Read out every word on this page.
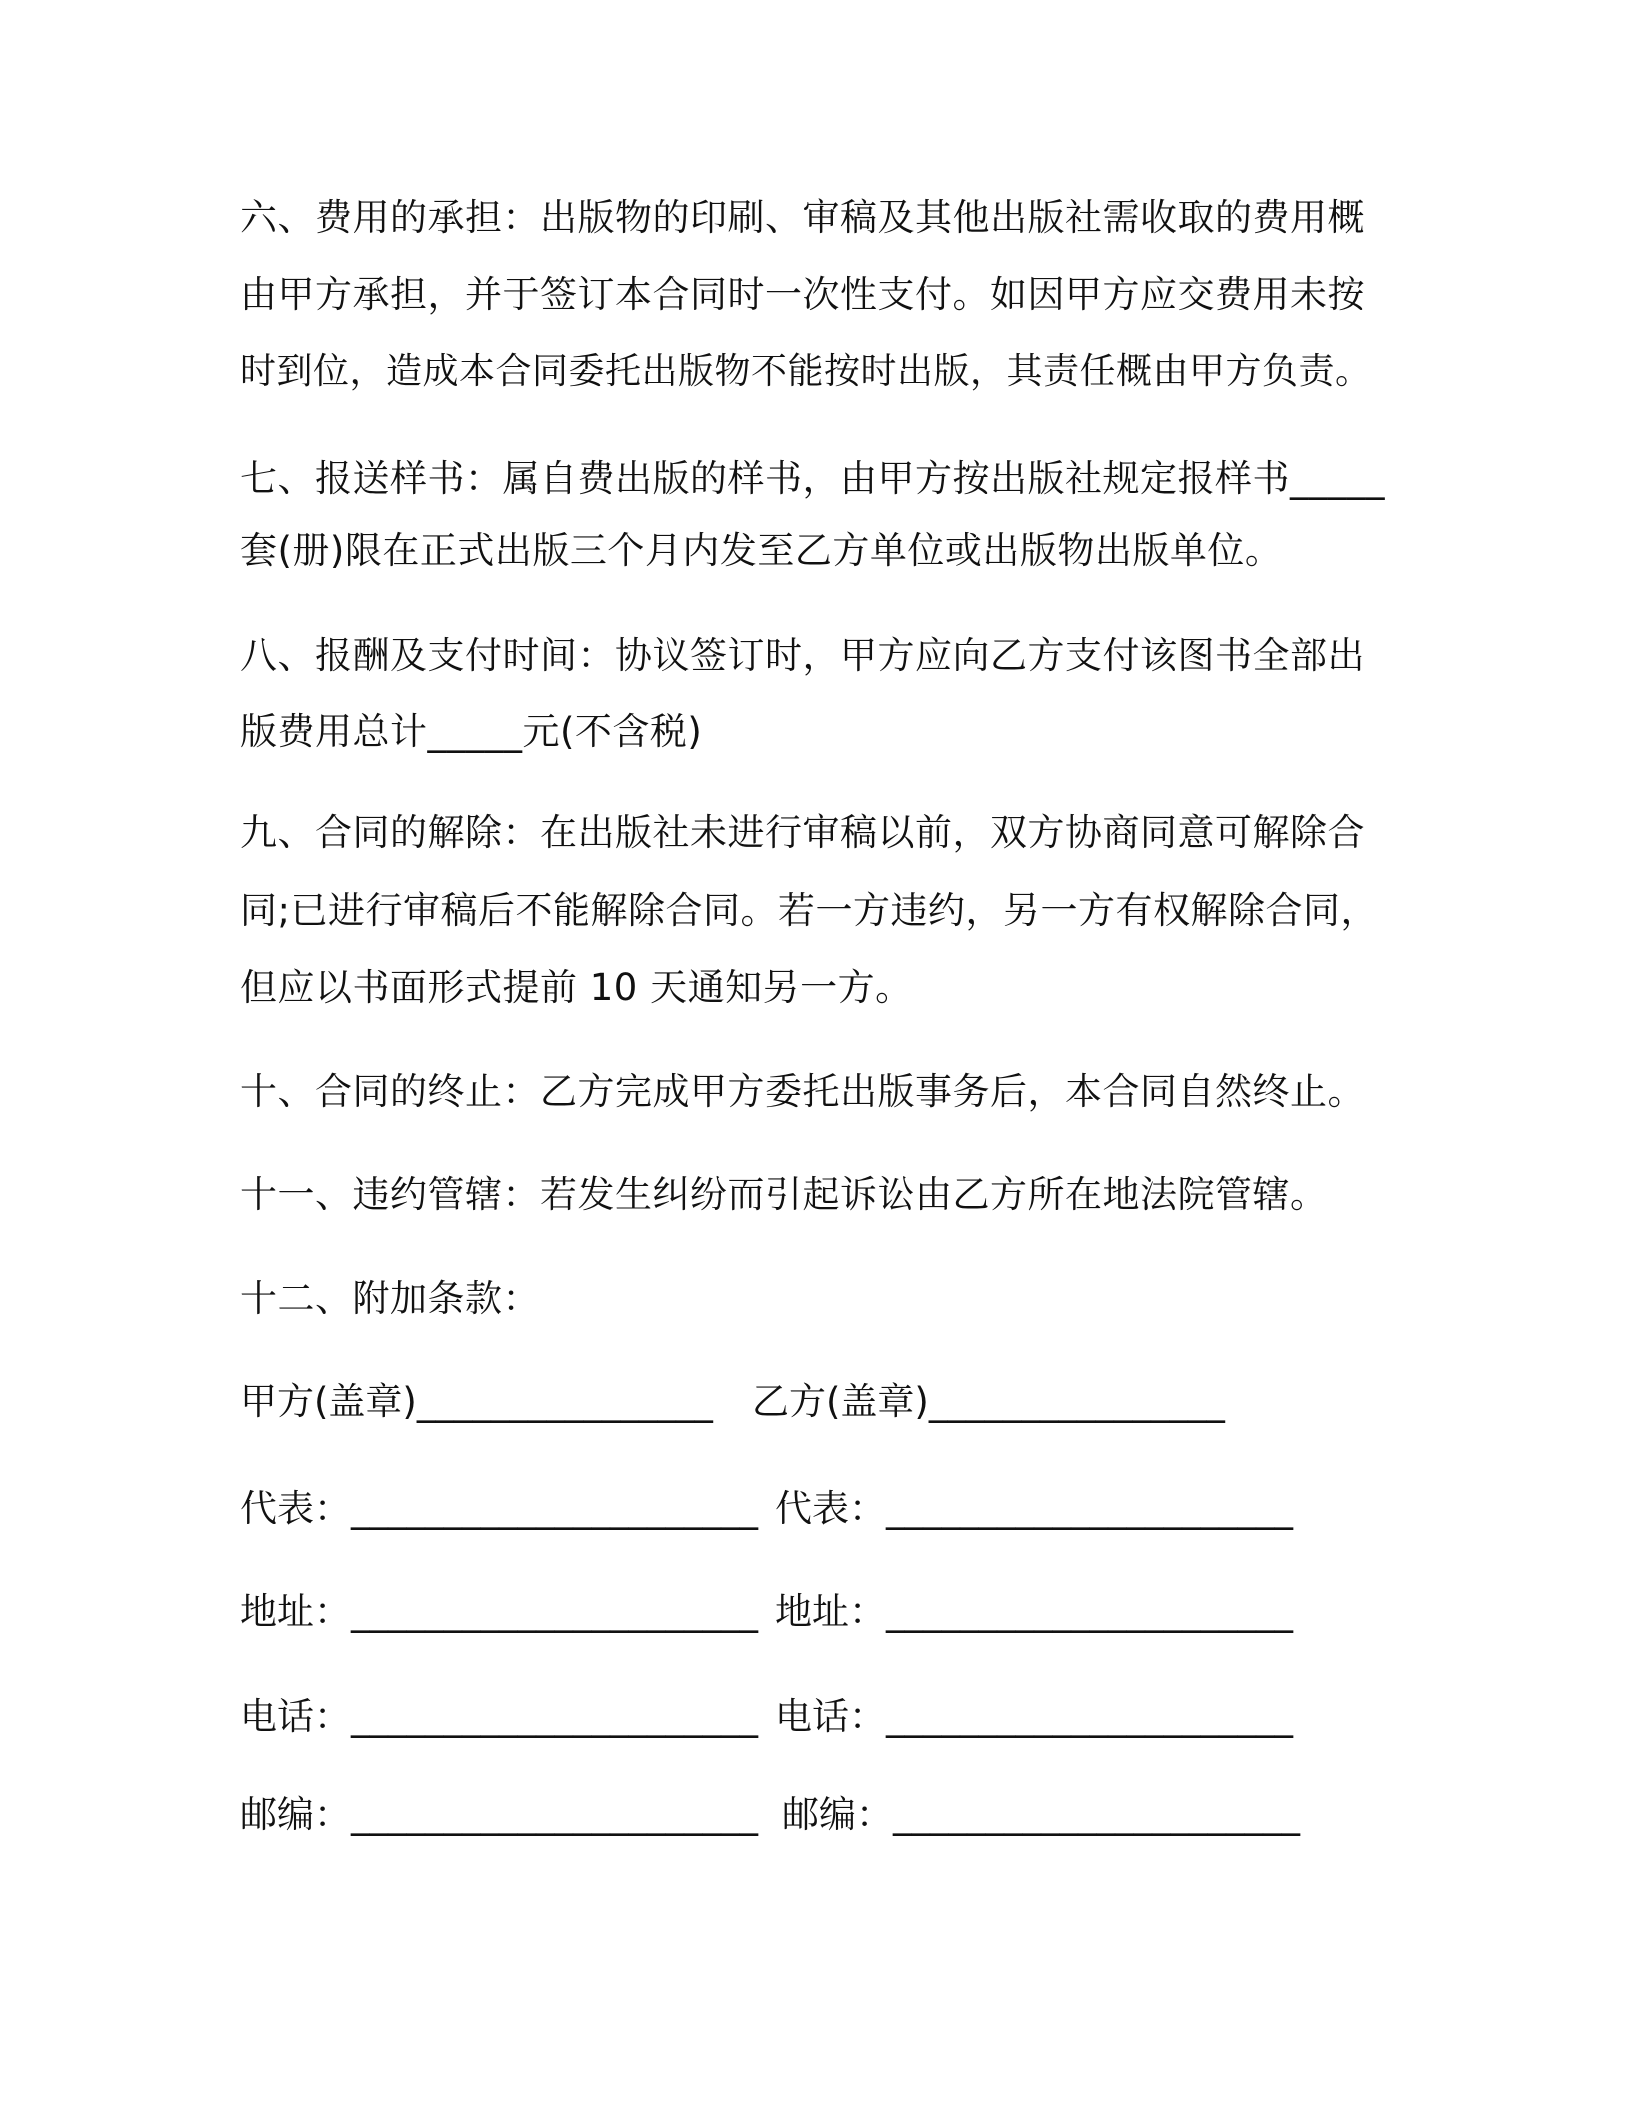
六、费用的承担：出版物的印刷、审稿及其他出版社需收取的费用概
由甲方承担，并于签订本合同时一次性支付。如因甲方应交费用未按
时到位，造成本合同委托出版物不能按时出版，其责任概由甲方负责。
七、报送样书：属自费出版的样书，由甲方按出版社规定报样书_____
套(册)限在正式出版三个月内发至乙方单位或出版物出版单位。
八、报酬及支付时间：协议签订时，甲方应向乙方支付该图书全部出
版费用总计_____元(不含税)
九、合同的解除：在出版社未进行审稿以前，双方协商同意可解除合
同;已进行审稿后不能解除合同。若一方违约，另一方有权解除合同，
但应以书面形式提前 10 天通知另一方。
十、合同的终止：乙方完成甲方委托出版事务后，本合同自然终止。
十一、违约管辖：若发生纠纷而引起诉讼由乙方所在地法院管辖。
十二、附加条款：
甲方(盖章)________________ 乙方(盖章)________________
代表：______________________ 代表：______________________
地址：______________________ 地址：______________________
电话：______________________ 电话：______________________
邮编：______________________ 邮编：______________________
